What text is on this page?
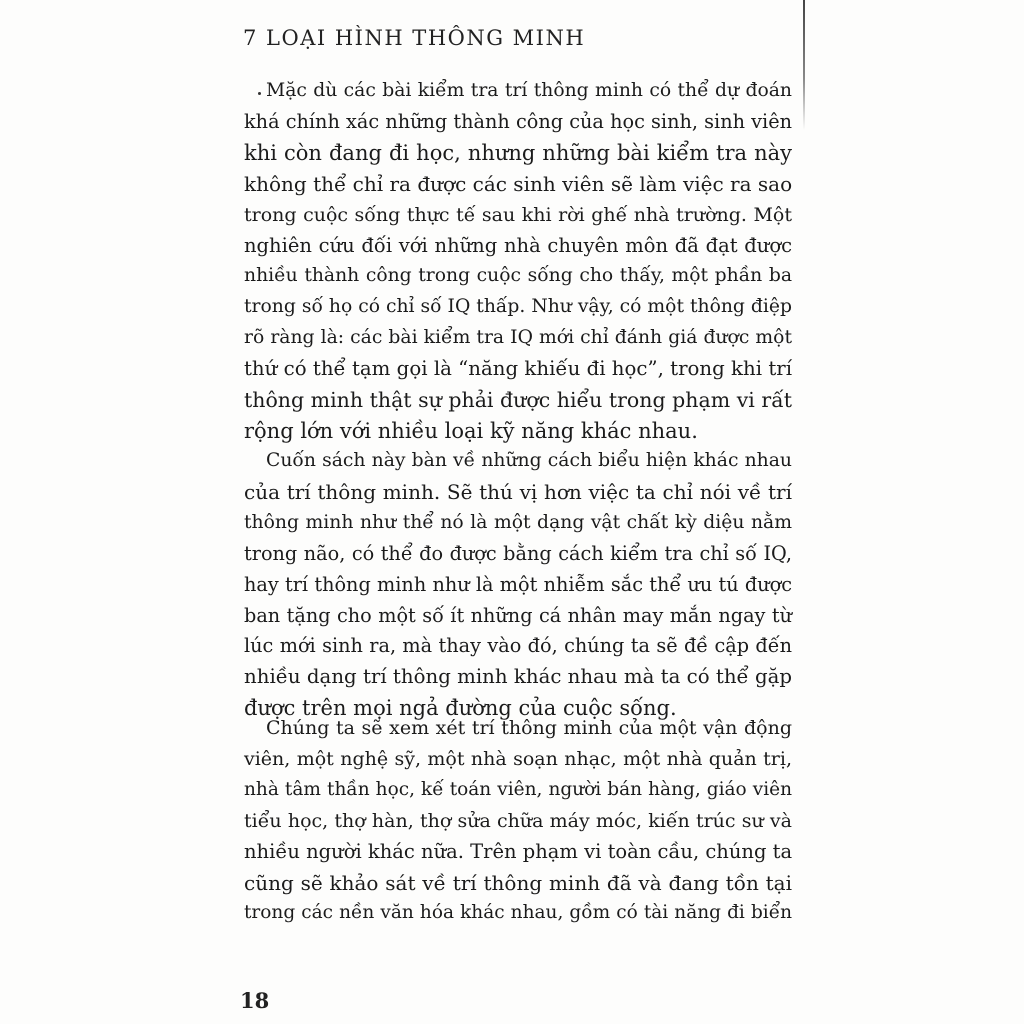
7 LOẠI HÌNH THÔNG MINH
Mặc dù các bài kiểm tra trí thông minh có thể dự đoán
khá chính xác những thành công của học sinh, sinh viên
khi còn đang đi học, nhưng những bài kiểm tra này
không thể chỉ ra được các sinh viên sẽ làm việc ra sao
trong cuộc sống thực tế sau khi rời ghế nhà trường. Một
nghiên cứu đối với những nhà chuyên môn đã đạt được
nhiều thành công trong cuộc sống cho thấy, một phần ba
trong số họ có chỉ số IQ thấp. Như vậy, có một thông điệp
rõ ràng là: các bài kiểm tra IQ mới chỉ đánh giá được một
thứ có thể tạm gọi là “năng khiếu đi học”, trong khi trí
thông minh thật sự phải được hiểu trong phạm vi rất
rộng lớn với nhiều loại kỹ năng khác nhau.
Cuốn sách này bàn về những cách biểu hiện khác nhau
của trí thông minh. Sẽ thú vị hơn việc ta chỉ nói về trí
thông minh như thể nó là một dạng vật chất kỳ diệu nằm
trong não, có thể đo được bằng cách kiểm tra chỉ số IQ,
hay trí thông minh như là một nhiễm sắc thể ưu tú được
ban tặng cho một số ít những cá nhân may mắn ngay từ
lúc mới sinh ra, mà thay vào đó, chúng ta sẽ đề cập đến
nhiều dạng trí thông minh khác nhau mà ta có thể gặp
được trên mọi ngả đường của cuộc sống.
Chúng ta sẽ xem xét trí thông minh của một vận động
viên, một nghệ sỹ, một nhà soạn nhạc, một nhà quản trị,
nhà tâm thần học, kế toán viên, người bán hàng, giáo viên
tiểu học, thợ hàn, thợ sửa chữa máy móc, kiến trúc sư và
nhiều người khác nữa. Trên phạm vi toàn cầu, chúng ta
cũng sẽ khảo sát về trí thông minh đã và đang tồn tại
trong các nền văn hóa khác nhau, gồm có tài năng đi biển
18
